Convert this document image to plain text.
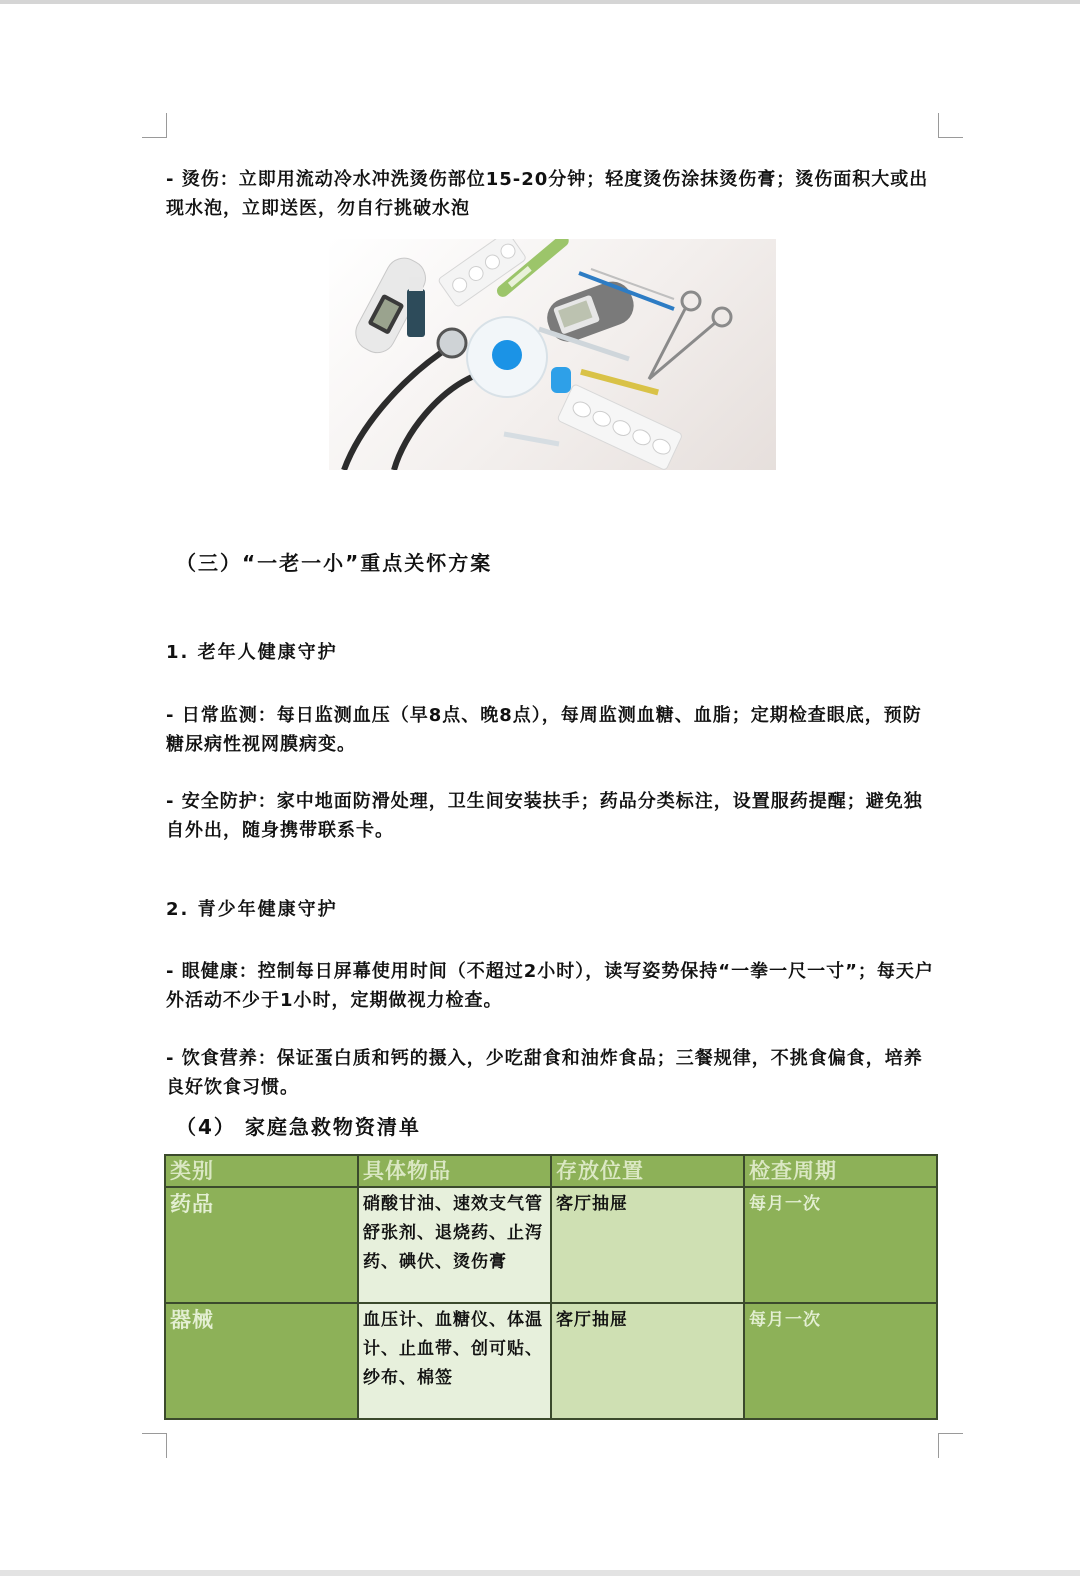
- 烫伤：立即用流动冷水冲洗烫伤部位15-20分钟；轻度烫伤涂抹烫伤膏；烫伤面积大或出现水泡，立即送医，勿自行挑破水泡

（三）“一老一小”重点关怀方案

1. 老年人健康守护

- 日常监测：每日监测血压（早8点、晚8点），每周监测血糖、血脂；定期检查眼底，预防糖尿病性视网膜病变。

- 安全防护：家中地面防滑处理，卫生间安装扶手；药品分类标注，设置服药提醒；避免独自外出，随身携带联系卡。

2. 青少年健康守护

- 眼健康：控制每日屏幕使用时间（不超过2小时），读写姿势保持“一拳一尺一寸”；每天户外活动不少于1小时，定期做视力检查。

- 饮食营养：保证蛋白质和钙的摄入，少吃甜食和油炸食品；三餐规律，不挑食偏食，培养良好饮食习惯。

（4） 家庭急救物资清单

类别	具体物品	存放位置	检查周期
药品	硝酸甘油、速效支气管舒张剂、退烧药、止泻药、碘伏、烫伤膏	客厅抽屉	每月一次
器械	血压计、血糖仪、体温计、止血带、创可贴、纱布、棉签	客厅抽屉	每月一次
